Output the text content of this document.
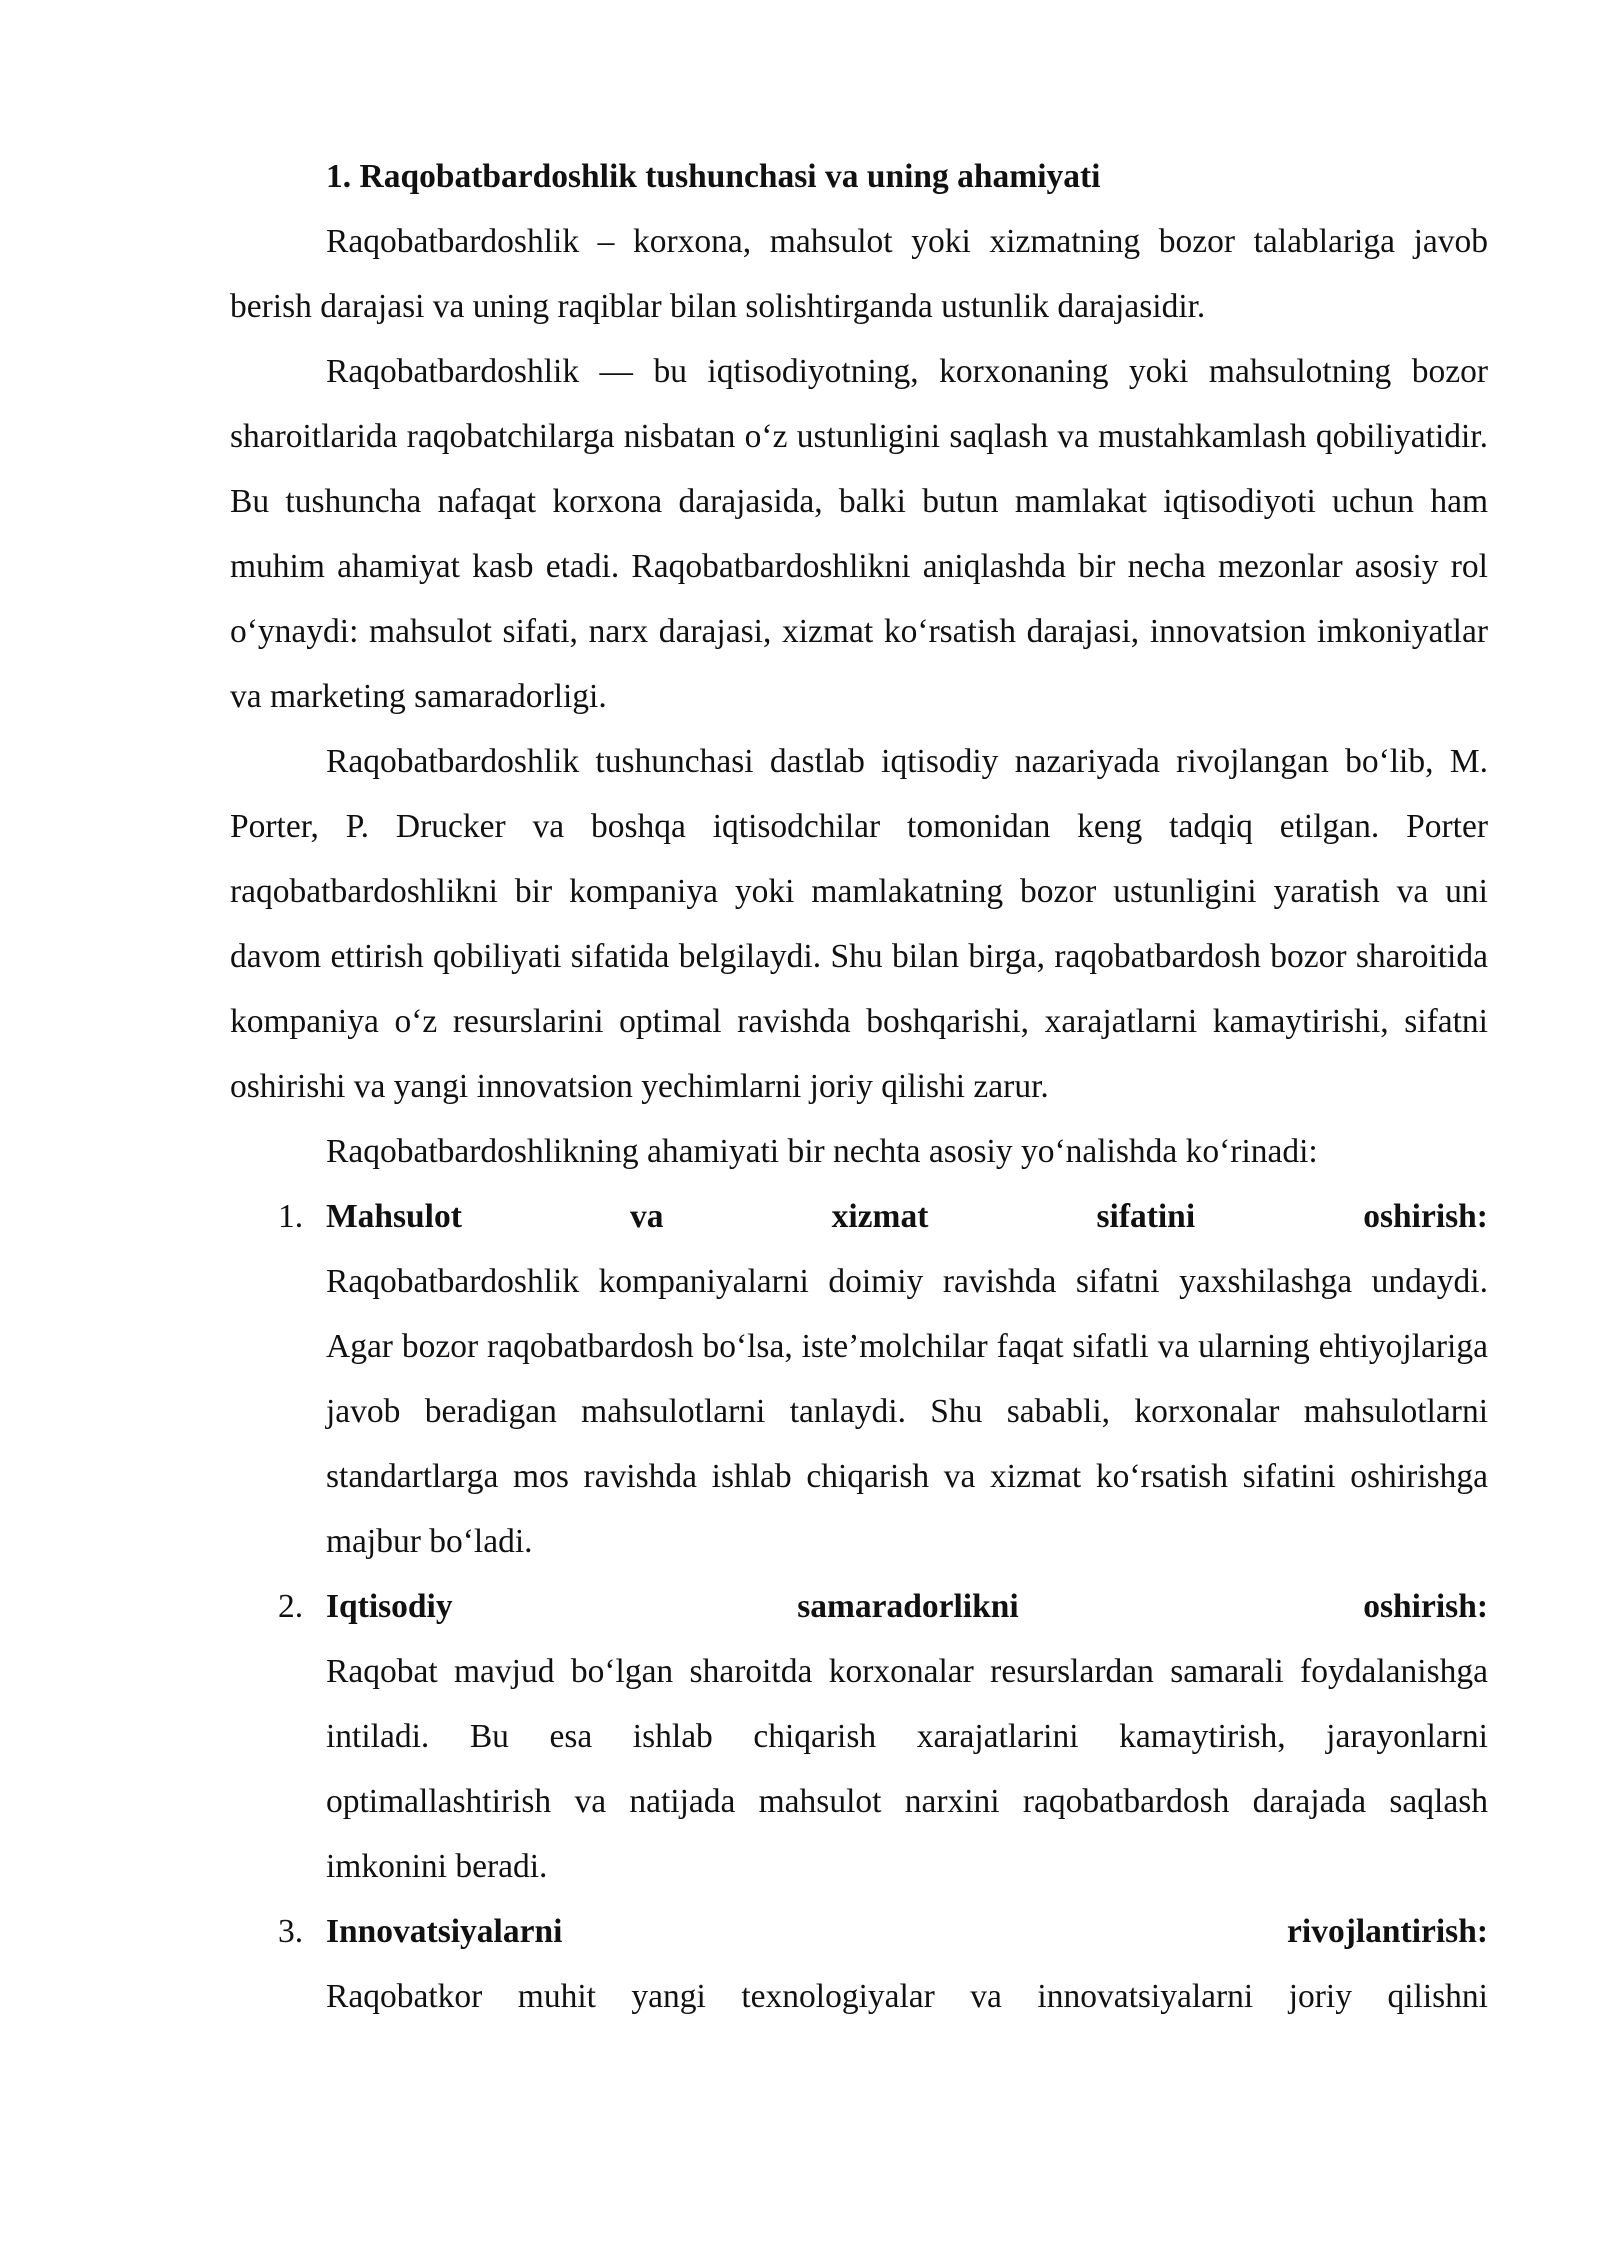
1. Raqobatbardoshlik tushunchasi va uning ahamiyati

Raqobatbardoshlik – korxona, mahsulot yoki xizmatning bozor talablariga javob berish darajasi va uning raqiblar bilan solishtirganda ustunlik darajasidir.

Raqobatbardoshlik — bu iqtisodiyotning, korxonaning yoki mahsulotning bozor sharoitlarida raqobatchilarga nisbatan o‘z ustunligini saqlash va mustahkamlash qobiliyatidir. Bu tushuncha nafaqat korxona darajasida, balki butun mamlakat iqtisodiyoti uchun ham muhim ahamiyat kasb etadi. Raqobatbardoshlikni aniqlashda bir necha mezonlar asosiy rol o‘ynaydi: mahsulot sifati, narx darajasi, xizmat ko‘rsatish darajasi, innovatsion imkoniyatlar va marketing samaradorligi.

Raqobatbardoshlik tushunchasi dastlab iqtisodiy nazariyada rivojlangan bo‘lib, M. Porter, P. Drucker va boshqa iqtisodchilar tomonidan keng tadqiq etilgan. Porter raqobatbardoshlikni bir kompaniya yoki mamlakatning bozor ustunligini yaratish va uni davom ettirish qobiliyati sifatida belgilaydi. Shu bilan birga, raqobatbardosh bozor sharoitida kompaniya o‘z resurslarini optimal ravishda boshqarishi, xarajatlarni kamaytirishi, sifatni oshirishi va yangi innovatsion yechimlarni joriy qilishi zarur.

Raqobatbardoshlikning ahamiyati bir nechta asosiy yo‘nalishda ko‘rinadi:

1. Mahsulot	va	xizmat	sifatini	oshirish:

Raqobatbardoshlik kompaniyalarni doimiy ravishda sifatni yaxshilashga undaydi. Agar bozor raqobatbardosh bo‘lsa, iste’molchilar faqat sifatli va ularning ehtiyojlariga javob beradigan mahsulotlarni tanlaydi. Shu sababli, korxonalar mahsulotlarni standartlarga mos ravishda ishlab chiqarish va xizmat ko‘rsatish sifatini oshirishga majbur bo‘ladi.

2. Iqtisodiy	samaradorlikni	oshirish:

Raqobat mavjud bo‘lgan sharoitda korxonalar resurslardan samarali foydalanishga intiladi. Bu esa ishlab chiqarish xarajatlarini kamaytirish, jarayonlarni optimallashtirish va natijada mahsulot narxini raqobatbardosh darajada saqlash imkonini beradi.

3. Innovatsiyalarni	rivojlantirish:

Raqobatkor muhit yangi texnologiyalar va innovatsiyalarni joriy qilishni
